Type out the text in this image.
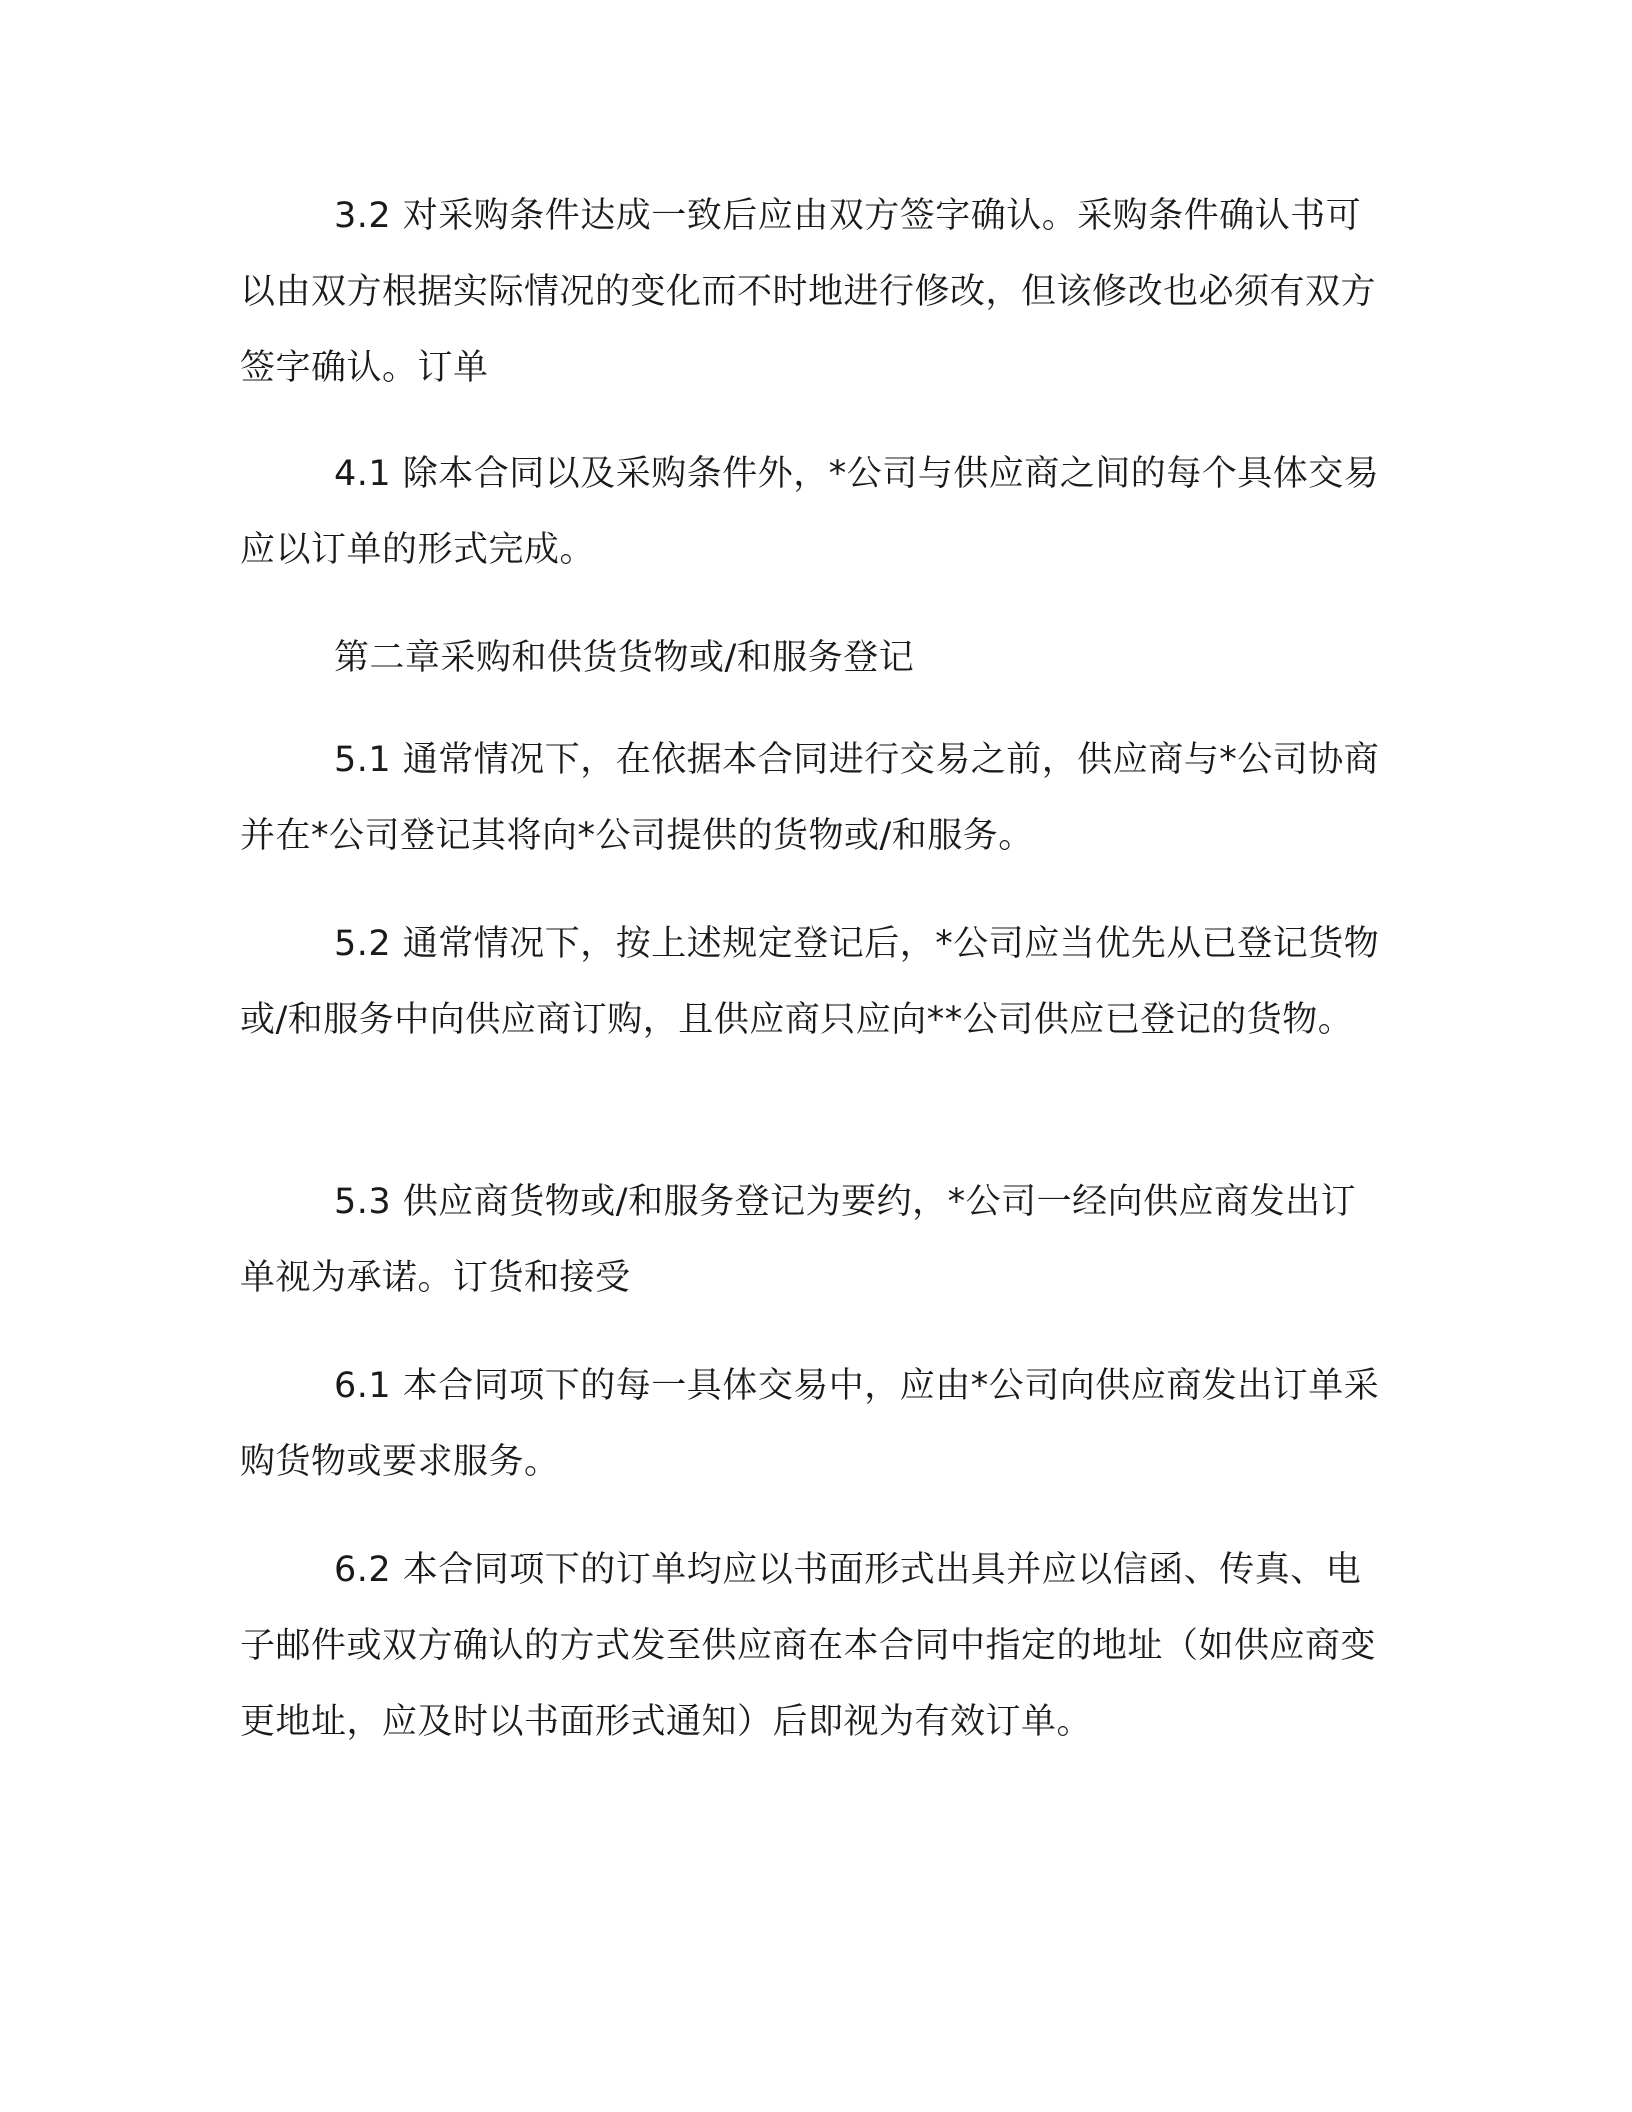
3.2 对采购条件达成一致后应由双方签字确认。采购条件确认书可以由双方根据实际情况的变化而不时地进行修改，但该修改也必须有双方签字确认。订单

4.1 除本合同以及采购条件外，*公司与供应商之间的每个具体交易应以订单的形式完成。

第二章采购和供货货物或/和服务登记

5.1 通常情况下，在依据本合同进行交易之前，供应商与*公司协商并在*公司登记其将向*公司提供的货物或/和服务。

5.2 通常情况下，按上述规定登记后，*公司应当优先从已登记货物或/和服务中向供应商订购，且供应商只应向**公司供应已登记的货物。

5.3 供应商货物或/和服务登记为要约，*公司一经向供应商发出订单视为承诺。订货和接受

6.1 本合同项下的每一具体交易中，应由*公司向供应商发出订单采购货物或要求服务。

6.2 本合同项下的订单均应以书面形式出具并应以信函、传真、电子邮件或双方确认的方式发至供应商在本合同中指定的地址（如供应商变更地址，应及时以书面形式通知）后即视为有效订单。
